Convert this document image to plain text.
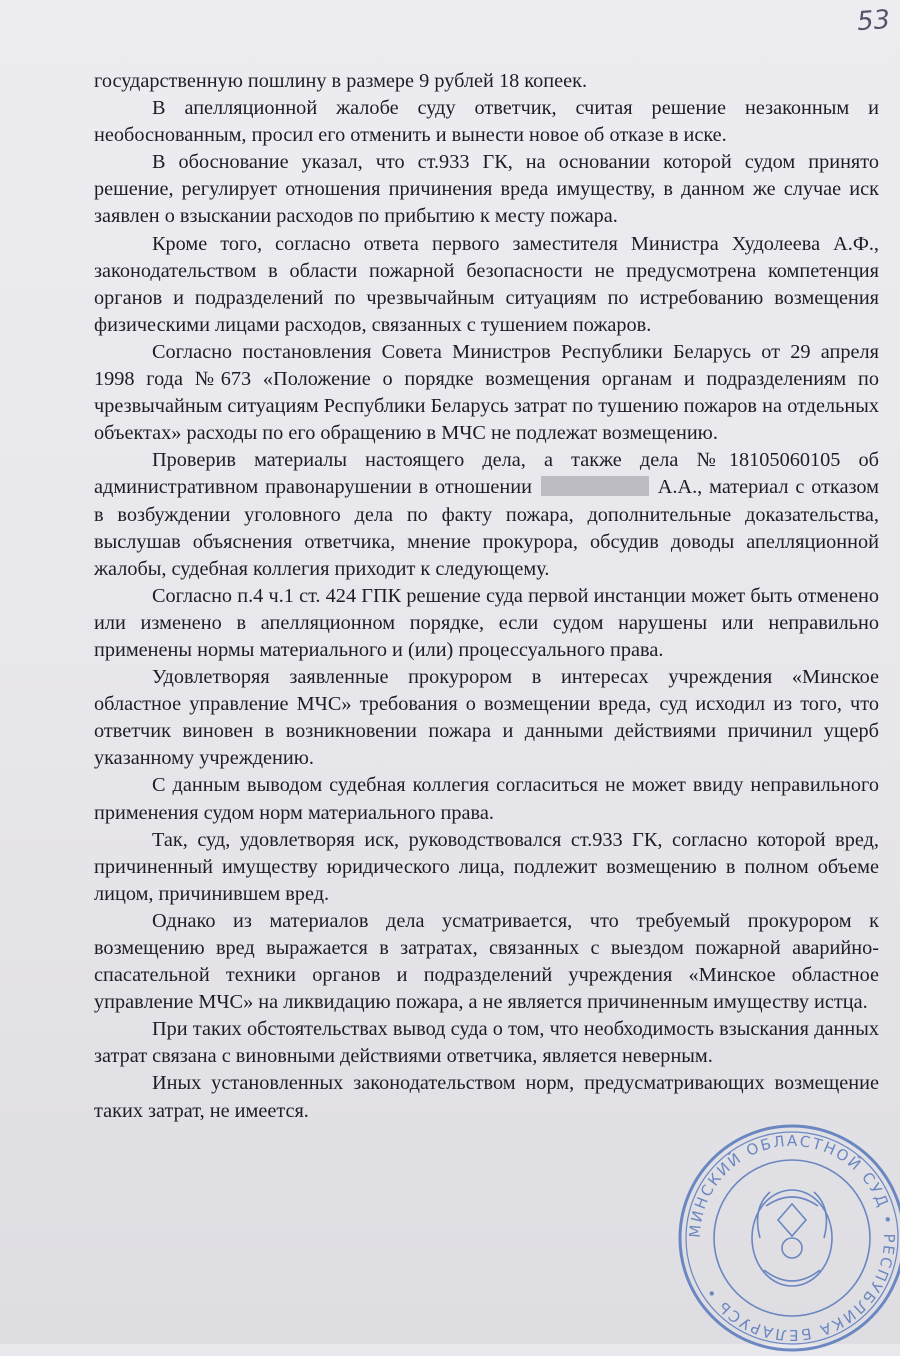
53

государственную пошлину в размере 9 рублей 18 копеек.

В апелляционной жалобе суду ответчик, считая решение незаконным и необоснованным, просил его отменить и вынести новое об отказе в иске.

В обоснование указал, что ст.933 ГК, на основании которой судом принято решение, регулирует отношения причинения вреда имуществу, в данном же случае иск заявлен о взыскании расходов по прибытию к месту пожара.

Кроме того, согласно ответа первого заместителя Министра Худолеева А.Ф., законодательством в области пожарной безопасности не предусмотрена компетенция органов и подразделений по чрезвычайным ситуациям по истребованию возмещения физическими лицами расходов, связанных с тушением пожаров.

Согласно постановления Совета Министров Республики Беларусь от 29 апреля 1998 года №673 «Положение о порядке возмещения органам и подразделениям по чрезвычайным ситуациям Республики Беларусь затрат по тушению пожаров на отдельных объектах» расходы по его обращению в МЧС не подлежат возмещению.

Проверив материалы настоящего дела, а также дела №18105060105 об административном правонарушении в отношении	А.А., материал с отказом в возбуждении уголовного дела по факту пожара, дополнительные доказательства, выслушав объяснения ответчика, мнение прокурора, обсудив доводы апелляционной жалобы, судебная коллегия приходит к следующему.

Согласно п.4 ч.1 ст. 424 ГПК решение суда первой инстанции может быть отменено или изменено в апелляционном порядке, если судом нарушены или неправильно применены нормы материального и (или) процессуального права.

Удовлетворяя заявленные прокурором в интересах учреждения «Минское областное управление МЧС» требования о возмещении вреда, суд исходил из того, что ответчик виновен в возникновении пожара и данными действиями причинил ущерб указанному учреждению.

С данным выводом судебная коллегия согласиться не может ввиду неправильного применения судом норм материального права.

Так, суд, удовлетворяя иск, руководствовался ст.933 ГК, согласно которой вред, причиненный имуществу юридического лица, подлежит возмещению в полном объеме лицом, причинившем вред.

Однако из материалов дела усматривается, что требуемый прокурором к возмещению вред выражается в затратах, связанных с выездом пожарной аварийно-спасательной техники органов и подразделений учреждения «Минское областное управление МЧС» на ликвидацию пожара, а не является причиненным имуществу истца.

При таких обстоятельствах вывод суда о том, что необходимость взыскания данных затрат связана с виновными действиями ответчика, является неверным.

Иных установленных законодательством норм, предусматривающих возмещение таких затрат, не имеется.

МИНСКИЙ ОБЛАСТНОЙ СУД • РЕСПУБЛИКА БЕЛАРУСЬ •
